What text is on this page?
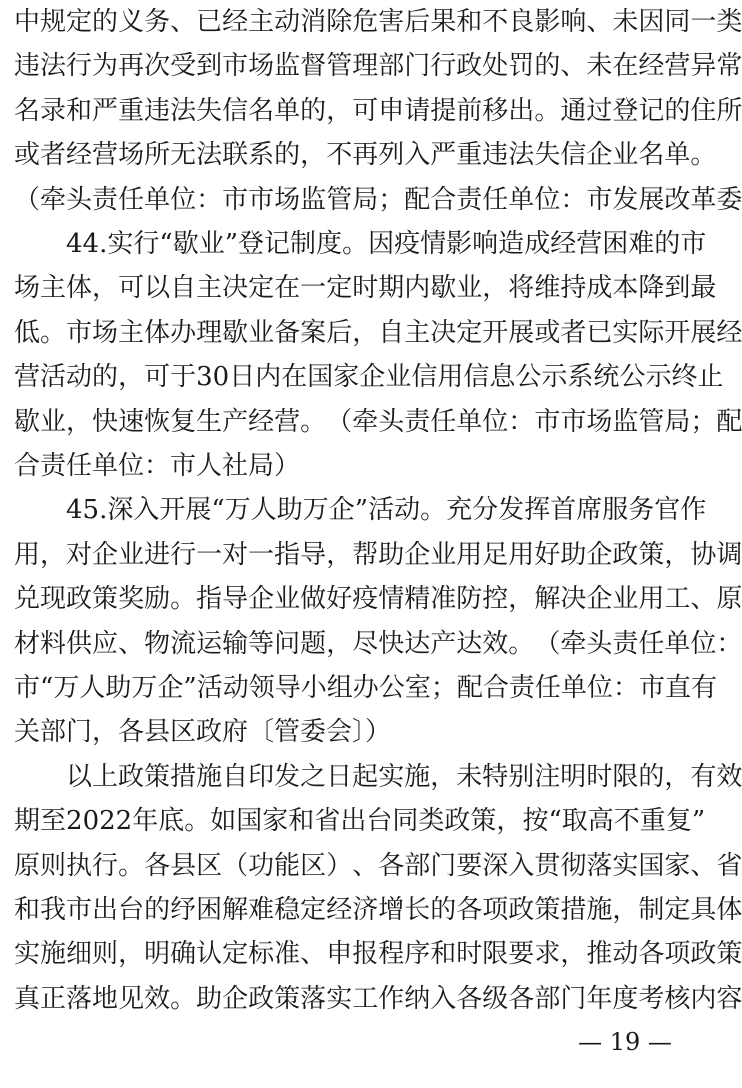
中 规 定 的 义 务 、 已 经 主 动 消 除 危 害 后 果 和 不 良 影 响 、 未 因 同 一 类
违 法 行 为 再 次 受 到 市 场 监 督 管 理 部 门 行 政 处 罚 的 、 未 在 经 营 异 常
名 录 和 严 重 违 法 失 信 名 单 的 ， 可 申 请 提 前 移 出 。 通 过 登 记 的 住 所
或 者 经 营 场 所 无 法 联 系 的 ， 不 再 列 入 严 重 违 法 失 信 企 业 名 单 。
（ 牵 头 责 任 单 位 ： 市 市 场 监 管 局 ； 配 合 责 任 单 位 ： 市 发 展 改 革 委
44 . 实 行 “ 歇 业 ” 登 记 制 度 。 因 疫 情 影 响 造 成 经 营 困 难 的 市
场 主 体 ， 可 以 自 主 决 定 在 一 定 时 期 内 歇 业 ， 将 维 持 成 本 降 到 最
低 。 市 场 主 体 办 理 歇 业 备 案 后 ， 自 主 决 定 开 展 或 者 已 实 际 开 展 经
营 活 动 的 ， 可 于 30 日 内 在 国 家 企 业 信 用 信 息 公 示 系 统 公 示 终 止
歇 业 ， 快 速 恢 复 生 产 经 营 。 （ 牵 头 责 任 单 位 ： 市 市 场 监 管 局 ； 配
合责任单位：市人社局）
45 . 深 入 开 展 “ 万 人 助 万 企 ” 活 动 。 充 分 发 挥 首 席 服 务 官 作
用 ， 对 企 业 进 行 一 对 一 指 导 ， 帮 助 企 业 用 足 用 好 助 企 政 策 ， 协 调
兑 现 政 策 奖 励 。 指 导 企 业 做 好 疫 情 精 准 防 控 ， 解 决 企 业 用 工 、 原
材 料 供 应 、 物 流 运 输 等 问 题 ， 尽 快 达 产 达 效 。 （ 牵 头 责 任 单 位 ：
市 “ 万 人 助 万 企 ” 活 动 领 导 小 组 办 公 室 ； 配 合 责 任 单 位 ： 市 直 有
关部门，各县区政府〔管委会〕）
以 上 政 策 措 施 自 印 发 之 日 起 实 施 ， 未 特 别 注 明 时 限 的 ， 有 效
期 至 2022 年 底 。 如 国 家 和 省 出 台 同 类 政 策 ， 按 “ 取 高 不 重 复 ”
原 则 执 行 。 各 县 区 （ 功 能 区 ） 、 各 部 门 要 深 入 贯 彻 落 实 国 家 、 省
和 我 市 出 台 的 纾 困 解 难 稳 定 经 济 增 长 的 各 项 政 策 措 施 ， 制 定 具 体
实 施 细 则 ， 明 确 认 定 标 准 、 申 报 程 序 和 时 限 要 求 ， 推 动 各 项 政 策
真 正 落 地 见 效 。 助 企 政 策 落 实 工 作 纳 入 各 级 各 部 门 年 度 考 核 内 容
— 19 —
